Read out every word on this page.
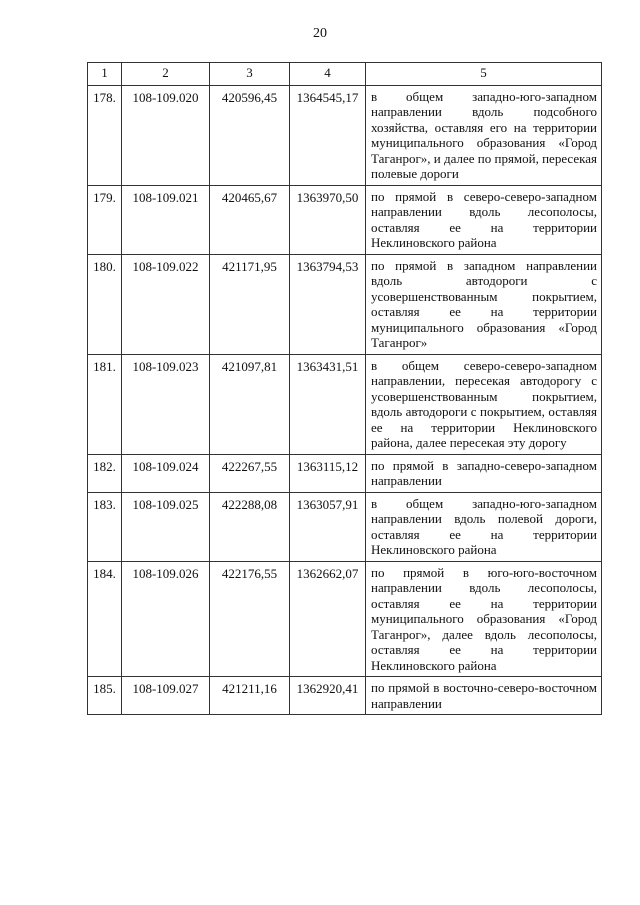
20
1	2	3	4	5
178.	108-109.020	420596,45	1364545,17	в общем западно-юго-западном направлении вдоль подсобного хозяйства, оставляя его на территории муниципального образования «Город Таганрог», и далее по прямой, пересекая полевые дороги
179.	108-109.021	420465,67	1363970,50	по прямой в северо-северо-западном направлении вдоль лесополосы, оставляя ее на территории Неклиновского района
180.	108-109.022	421171,95	1363794,53	по прямой в западном направлении вдоль автодороги с усовершенствованным покрытием, оставляя ее на территории муниципального образования «Город Таганрог»
181.	108-109.023	421097,81	1363431,51	в общем северо-северо-западном направлении, пересекая автодорогу с усовершенствованным покрытием, вдоль автодороги с покрытием, оставляя ее на территории Неклиновского района, далее пересекая эту дорогу
182.	108-109.024	422267,55	1363115,12	по прямой в западно-северо-западном направлении
183.	108-109.025	422288,08	1363057,91	в общем западно-юго-западном направлении вдоль полевой дороги, оставляя ее на территории Неклиновского района
184.	108-109.026	422176,55	1362662,07	по прямой в юго-юго-восточном направлении вдоль лесополосы, оставляя ее на территории муниципального образования «Город Таганрог», далее вдоль лесополосы, оставляя ее на территории Неклиновского района
185.	108-109.027	421211,16	1362920,41	по прямой в восточно-северо-восточном направлении
